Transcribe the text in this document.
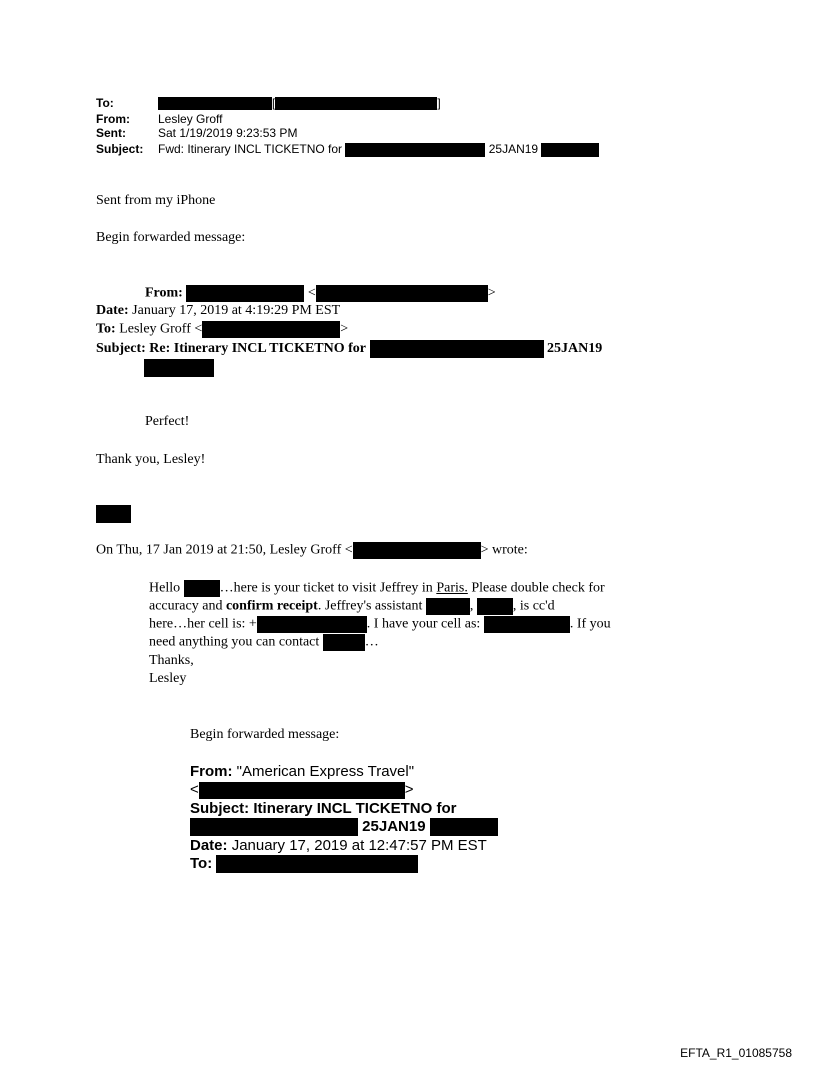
To:	[	]
From: Lesley Groff
Sent:	Sat 1/19/2019 9:23:53 PM
Subject: Fwd: Itinerary INCL TICKETNO for	25JAN19
Sent from my iPhone
Begin forwarded message:
From:	<	>
Date: January 17, 2019 at 4:19:29 PM EST
To: Lesley Groff <	>
Subject: Re: Itinerary INCL TICKETNO for	25JAN19
Perfect!
Thank you, Lesley!
On Thu, 17 Jan 2019 at 21:50, Lesley Groff <	> wrote:
Hello	…here is your ticket to visit Jeffrey in Paris. Please double check for
accuracy and confirm receipt. Jeffrey's assistant	,	, is cc'd
here…her cell is: +	. I have your cell as:	. If you
need anything you can contact	…
Thanks,
Lesley
Begin forwarded message:
From: "American Express Travel"
<	>
Subject: Itinerary INCL TICKETNO for
25JAN19
Date: January 17, 2019 at 12:47:57 PM EST
To:
EFTA_R1_01085758
